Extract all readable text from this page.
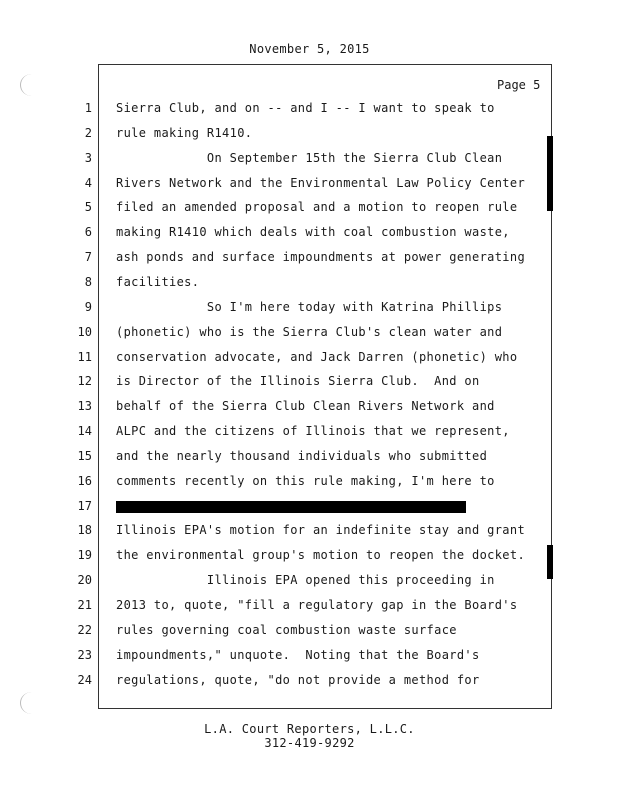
November 5, 2015
Page 5
1 Sierra Club, and on -- and I -- I want to speak to
2 rule making R1410.
3 On September 15th the Sierra Club Clean
4 Rivers Network and the Environmental Law Policy Center
5 filed an amended proposal and a motion to reopen rule
6 making R1410 which deals with coal combustion waste,
7 ash ponds and surface impoundments at power generating
8 facilities.
9 So I'm here today with Katrina Phillips
10 (phonetic) who is the Sierra Club's clean water and
11 conservation advocate, and Jack Darren (phonetic) who
12 is Director of the Illinois Sierra Club.  And on
13 behalf of the Sierra Club Clean Rivers Network and
14 ALPC and the citizens of Illinois that we represent,
15 and the nearly thousand individuals who submitted
16 comments recently on this rule making, I'm here to
17
18 Illinois EPA's motion for an indefinite stay and grant
19 the environmental group's motion to reopen the docket.
20 Illinois EPA opened this proceeding in
21 2013 to, quote, "fill a regulatory gap in the Board's
22 rules governing coal combustion waste surface
23 impoundments," unquote.  Noting that the Board's
24 regulations, quote, "do not provide a method for
L.A. Court Reporters, L.L.C.
312-419-9292
